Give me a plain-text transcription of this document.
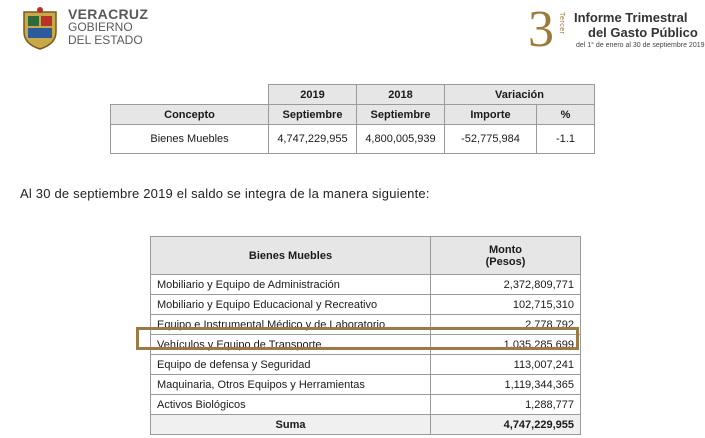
VERACRUZ
GOBIERNO
DEL ESTADO	3 Tercer Informe Trimestral
del Gasto Público
del 1° de enero al 30 de septiembre 2019
	2019	2018	Variación	
Concepto	Septiembre	Septiembre	Importe	%
Bienes Muebles	4,747,229,955	4,800,005,939	-52,775,984	-1.1
Al 30 de septiembre 2019 el saldo se integra de la manera siguiente:
Bienes Muebles	Monto
(Pesos)

Mobiliario y Equipo de Administración	2,372,809,771
Mobiliario y Equipo Educacional y Recreativo	102,715,310
Equipo e Instrumental Médico y de Laboratorio	2,778,792
Vehículos y Equipo de Transporte	1,035,285,699
Equipo de defensa y Seguridad	113,007,241
Maquinaria, Otros Equipos y Herramientas	1,119,344,365
Activos Biológicos	1,288,777
Suma	4,747,229,955
